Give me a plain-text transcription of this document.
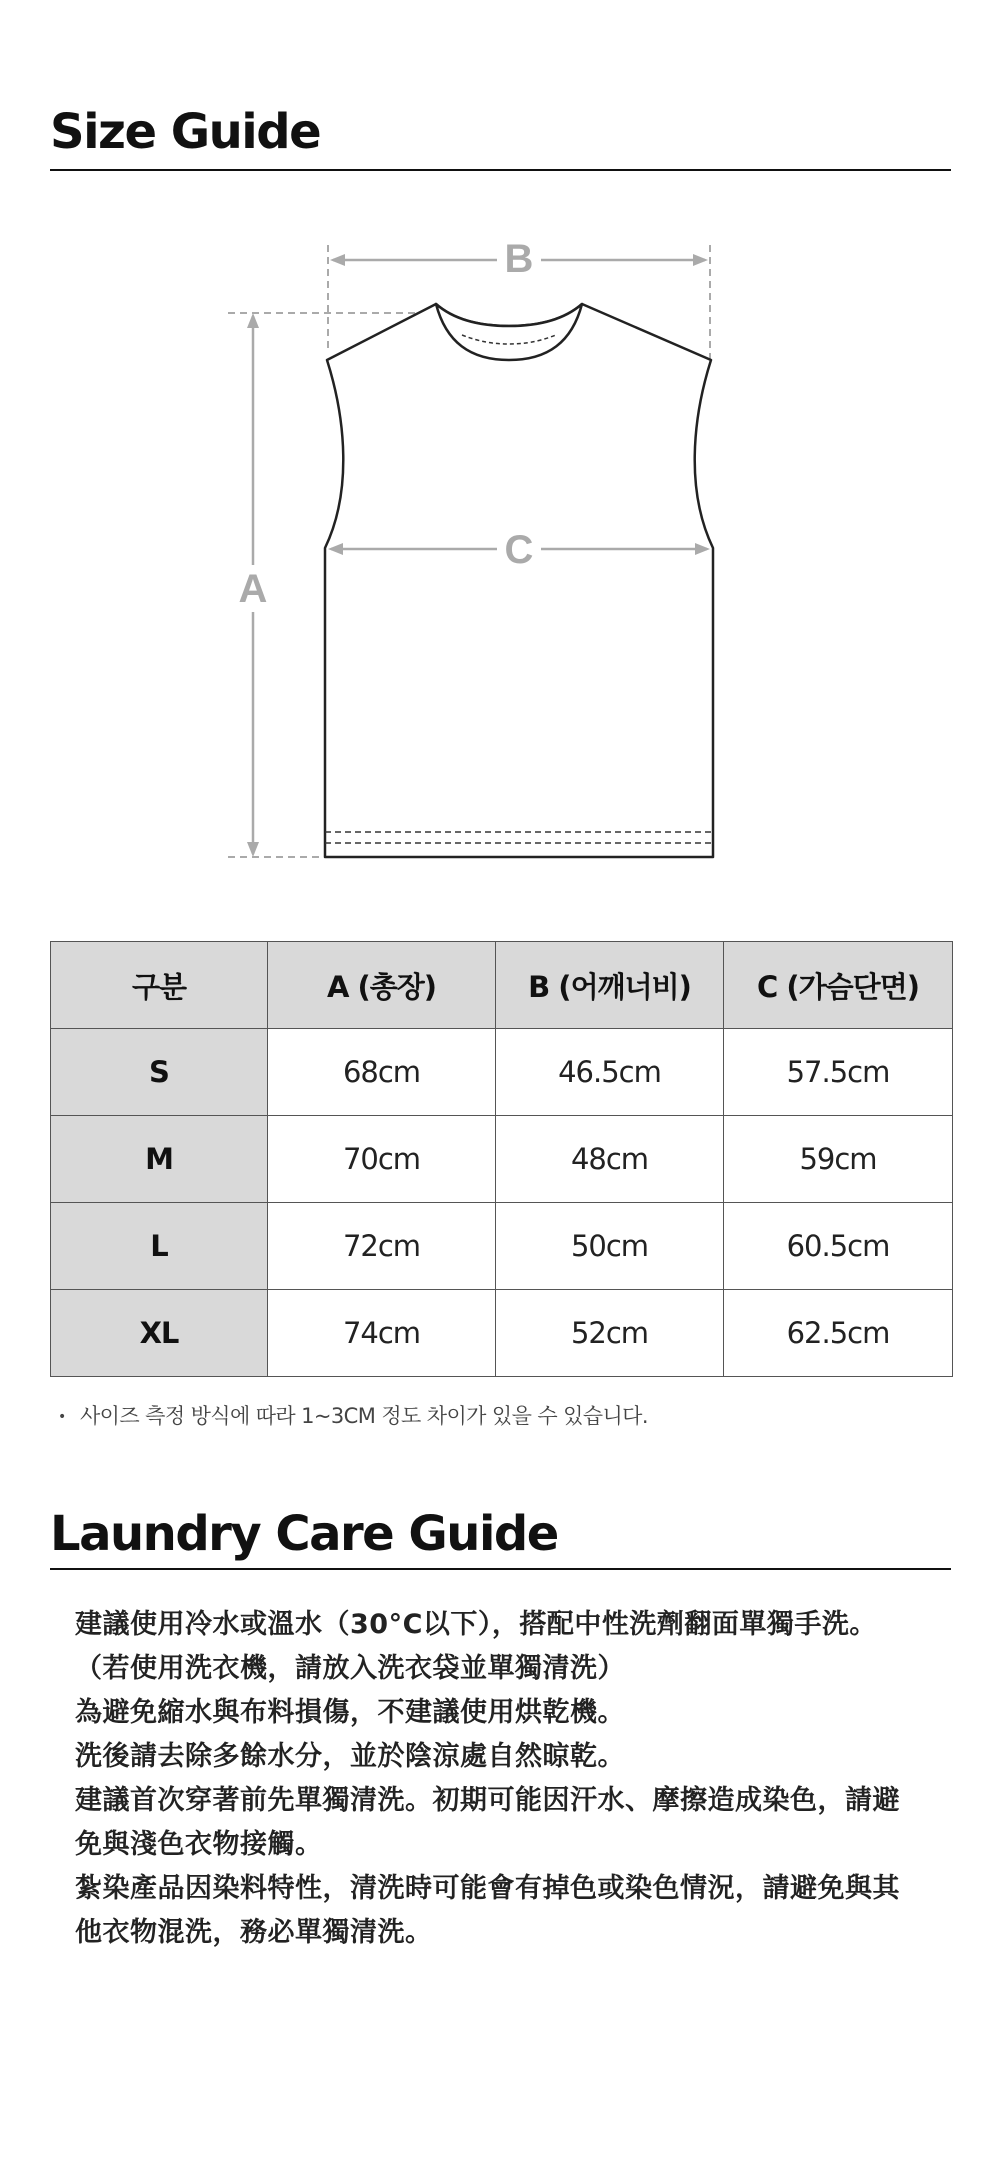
Size Guide
B
C
A
구분	A (총장)	B (어깨너비)	C (가슴단면)
S	68cm	46.5cm	57.5cm
M	70cm	48cm	59cm
L	72cm	50cm	60.5cm
XL	74cm	52cm	62.5cm

• 사이즈 측정 방식에 따라 1~3CM 정도 차이가 있을 수 있습니다.

Laundry Care Guide
建議使用冷水或溫水（30°C以下），搭配中性洗劑翻面單獨手洗。
（若使用洗衣機，請放入洗衣袋並單獨清洗）
為避免縮水與布料損傷，不建議使用烘乾機。
洗後請去除多餘水分，並於陰涼處自然晾乾。
建議首次穿著前先單獨清洗。初期可能因汗水、摩擦造成染色，請避
免與淺色衣物接觸。
紮染產品因染料特性，清洗時可能會有掉色或染色情況，請避免與其
他衣物混洗，務必單獨清洗。
